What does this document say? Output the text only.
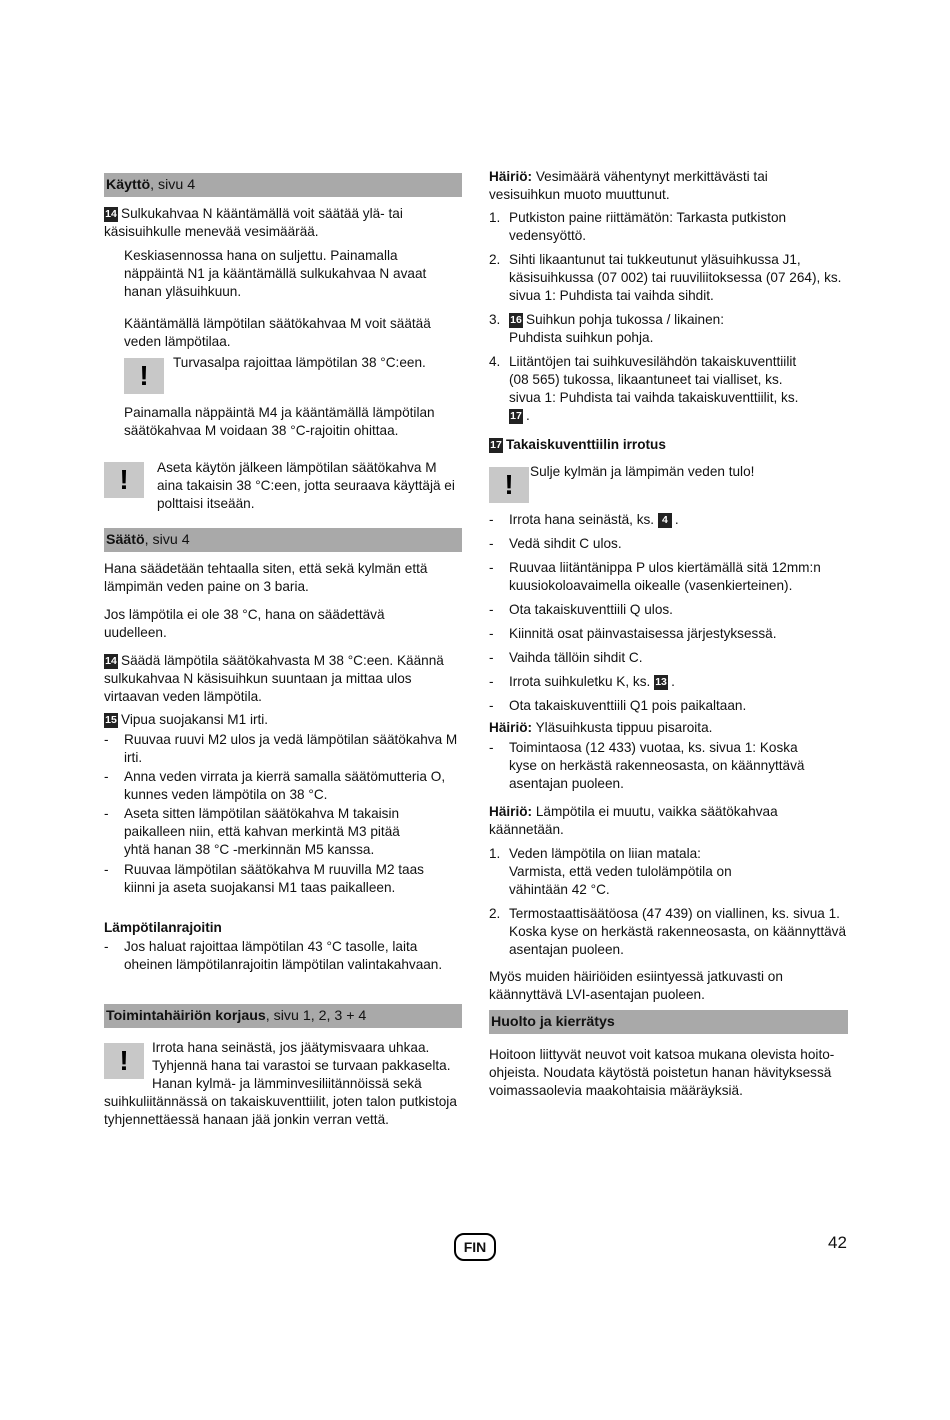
Käyttö, sivu 4
14 Sulkukahvaa N kääntämällä voit säätää ylä- tai käsisuihkulle menevää vesimäärää.
Keskiasennossa hana on suljettu. Painamalla näppäintä N1 ja kääntämällä sulkukahvaa N avaat hanan yläsuihkuun.
Kääntämällä lämpötilan säätökahvaa M voit säätää veden lämpötilaa.
!
Turvasalpa rajoittaa lämpötilan 38 °C:een.
Painamalla näppäintä M4 ja kääntämällä lämpötilan säätökahvaa M voidaan 38 °C-rajoitin ohittaa.
!
Aseta käytön jälkeen lämpötilan säätökahva M aina takaisin 38 °C:een, jotta seuraava käyttäjä ei polttaisi itseään.
Säätö, sivu 4
Hana säädetään tehtaalla siten, että sekä kylmän että lämpimän veden paine on 3 baria.
Jos lämpötila ei ole 38 °C, hana on säädettävä uudelleen.
14 Säädä lämpötila säätökahvasta M 38 °C:een. Käännä sulkukahvaa N käsisuihkun suuntaan ja mittaa ulos virtaavan veden lämpötila.
15 Vipua suojakansi M1 irti.
- Ruuvaa ruuvi M2 ulos ja vedä lämpötilan säätökahva M irti.
- Anna veden virrata ja kierrä samalla säätömutteria O, kunnes veden lämpötila on 38 °C.
- Aseta sitten lämpötilan säätökahva M takaisin paikalleen niin, että kahvan merkintä M3 pitää yhtä hanan 38 °C -merkinnän M5 kanssa.
- Ruuvaa lämpötilan säätökahva M ruuvilla M2 taas kiinni ja aseta suojakansi M1 taas paikalleen.
Lämpötilanrajoitin
- Jos haluat rajoittaa lämpötilan 43 °C tasolle, laita oheinen lämpötilanrajoitin lämpötilan valintakahvaan.
Toimintahäiriön korjaus, sivu 1, 2, 3 + 4
!
Irrota hana seinästä, jos jäätymisvaara uhkaa. Tyhjennä hana tai varastoi se turvaan pakkaselta. Hanan kylmä- ja lämminvesiliitännöissä sekä suihkuliitännässä on takaiskuventtiilit, joten talon putkistoja tyhjennettäessä hanaan jää jonkin verran vettä.
Häiriö: Vesimäärä vähentynyt merkittävästi tai vesisuihkun muoto muuttunut.
1. Putkiston paine riittämätön: Tarkasta putkiston vedensyöttö.
2. Sihti likaantunut tai tukkeutunut yläsuihkussa J1, käsisuihkussa (07 002) tai ruuviliitoksessa (07 264), ks. sivua 1: Puhdista tai vaihda sihdit.
3. 16 Suihkun pohja tukossa / likainen: Puhdista suihkun pohja.
4. Liitäntöjen tai suihkuvesilähdön takaiskuventtiilit (08 565) tukossa, likaantuneet tai vialliset, ks. sivua 1: Puhdista tai vaihda takaiskuventtiilit, ks. 17 .
17 Takaiskuventtiilin irrotus
!
Sulje kylmän ja lämpimän veden tulo!
- Irrota hana seinästä, ks. 4 .
- Vedä sihdit C ulos.
- Ruuvaa liitäntänippa P ulos kiertämällä sitä 12mm:n kuusiokoloavaimella oikealle (vasenkierteinen).
- Ota takaiskuventtiili Q ulos.
- Kiinnitä osat päinvastaisessa järjestyksessä.
- Vaihda tällöin sihdit C.
- Irrota suihkuletku K, ks. 13 .
- Ota takaiskuventtiili Q1 pois paikaltaan.
Häiriö: Yläsuihkusta tippuu pisaroita.
- Toimintaosa (12 433) vuotaa, ks. sivua 1: Koska kyse on herkästä rakenneosasta, on käännyttävä asentajan puoleen.
Häiriö: Lämpötila ei muutu, vaikka säätökahvaa käännetään.
1. Veden lämpötila on liian matala: Varmista, että veden tulolämpötila on vähintään 42 °C.
2. Termostaattisäätöosa (47 439) on viallinen, ks. sivua 1. Koska kyse on herkästä rakenneosasta, on käännyttävä asentajan puoleen.
Myös muiden häiriöiden esiintyessä jatkuvasti on käännyttävä LVI-asentajan puoleen.
Huolto ja kierrätys
Hoitoon liittyvät neuvot voit katsoa mukana olevista hoito-ohjeista. Noudata käytöstä poistetun hanan hävityksessä voimassaolevia maakohtaisia määräyksiä.
FIN	42
